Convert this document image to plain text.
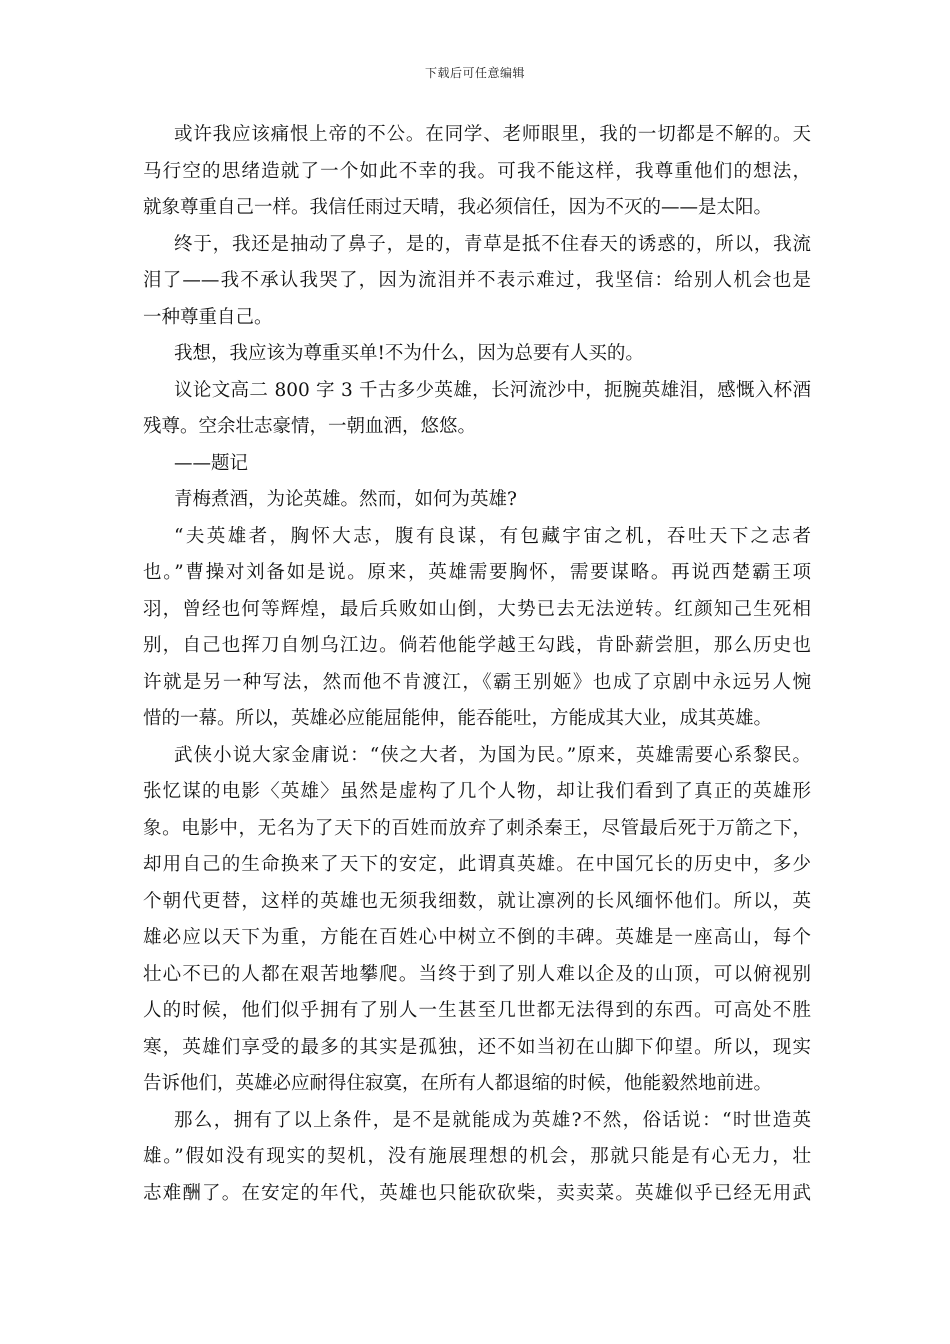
下载后可任意编辑
或许我应该痛恨上帝的不公。在同学、老师眼里，我的一切都是不解的。天
马行空的思绪造就了一个如此不幸的我。可我不能这样，我尊重他们的想法，
就象尊重自己一样。我信任雨过天晴，我必须信任，因为不灭的——是太阳。
终于，我还是抽动了鼻子，是的，青草是抵不住春天的诱惑的，所以，我流
泪了——我不承认我哭了，因为流泪并不表示难过，我坚信：给别人机会也是
一种尊重自己。
我想，我应该为尊重买单!不为什么，因为总要有人买的。
议论文高二 800 字 3 千古多少英雄，长河流沙中，扼腕英雄泪，感慨入杯酒
残尊。空余壮志豪情，一朝血洒，悠悠。
——题记
青梅煮酒，为论英雄。然而，如何为英雄?
“夫英雄者，胸怀大志，腹有良谋，有包藏宇宙之机，吞吐天下之志者
也。”曹操对刘备如是说。原来，英雄需要胸怀，需要谋略。再说西楚霸王项
羽，曾经也何等辉煌，最后兵败如山倒，大势已去无法逆转。红颜知己生死相
别，自己也挥刀自刎乌江边。倘若他能学越王勾践，肯卧薪尝胆，那么历史也
许就是另一种写法，然而他不肯渡江，《霸王别姬》也成了京剧中永远另人惋
惜的一幕。所以，英雄必应能屈能伸，能吞能吐，方能成其大业，成其英雄。
武侠小说大家金庸说：“侠之大者，为国为民。”原来，英雄需要心系黎民。
张忆谋的电影〈英雄〉虽然是虚构了几个人物，却让我们看到了真正的英雄形
象。电影中，无名为了天下的百姓而放弃了刺杀秦王，尽管最后死于万箭之下，
却用自己的生命换来了天下的安定，此谓真英雄。在中国冗长的历史中，多少
个朝代更替，这样的英雄也无须我细数，就让凛冽的长风缅怀他们。所以，英
雄必应以天下为重，方能在百姓心中树立不倒的丰碑。英雄是一座高山，每个
壮心不已的人都在艰苦地攀爬。当终于到了别人难以企及的山顶，可以俯视别
人的时候，他们似乎拥有了别人一生甚至几世都无法得到的东西。可高处不胜
寒，英雄们享受的最多的其实是孤独，还不如当初在山脚下仰望。所以，现实
告诉他们，英雄必应耐得住寂寞，在所有人都退缩的时候，他能毅然地前进。
那么，拥有了以上条件，是不是就能成为英雄?不然，俗话说：“时世造英
雄。”假如没有现实的契机，没有施展理想的机会，那就只能是有心无力，壮
志难酬了。在安定的年代，英雄也只能砍砍柴，卖卖菜。英雄似乎已经无用武
